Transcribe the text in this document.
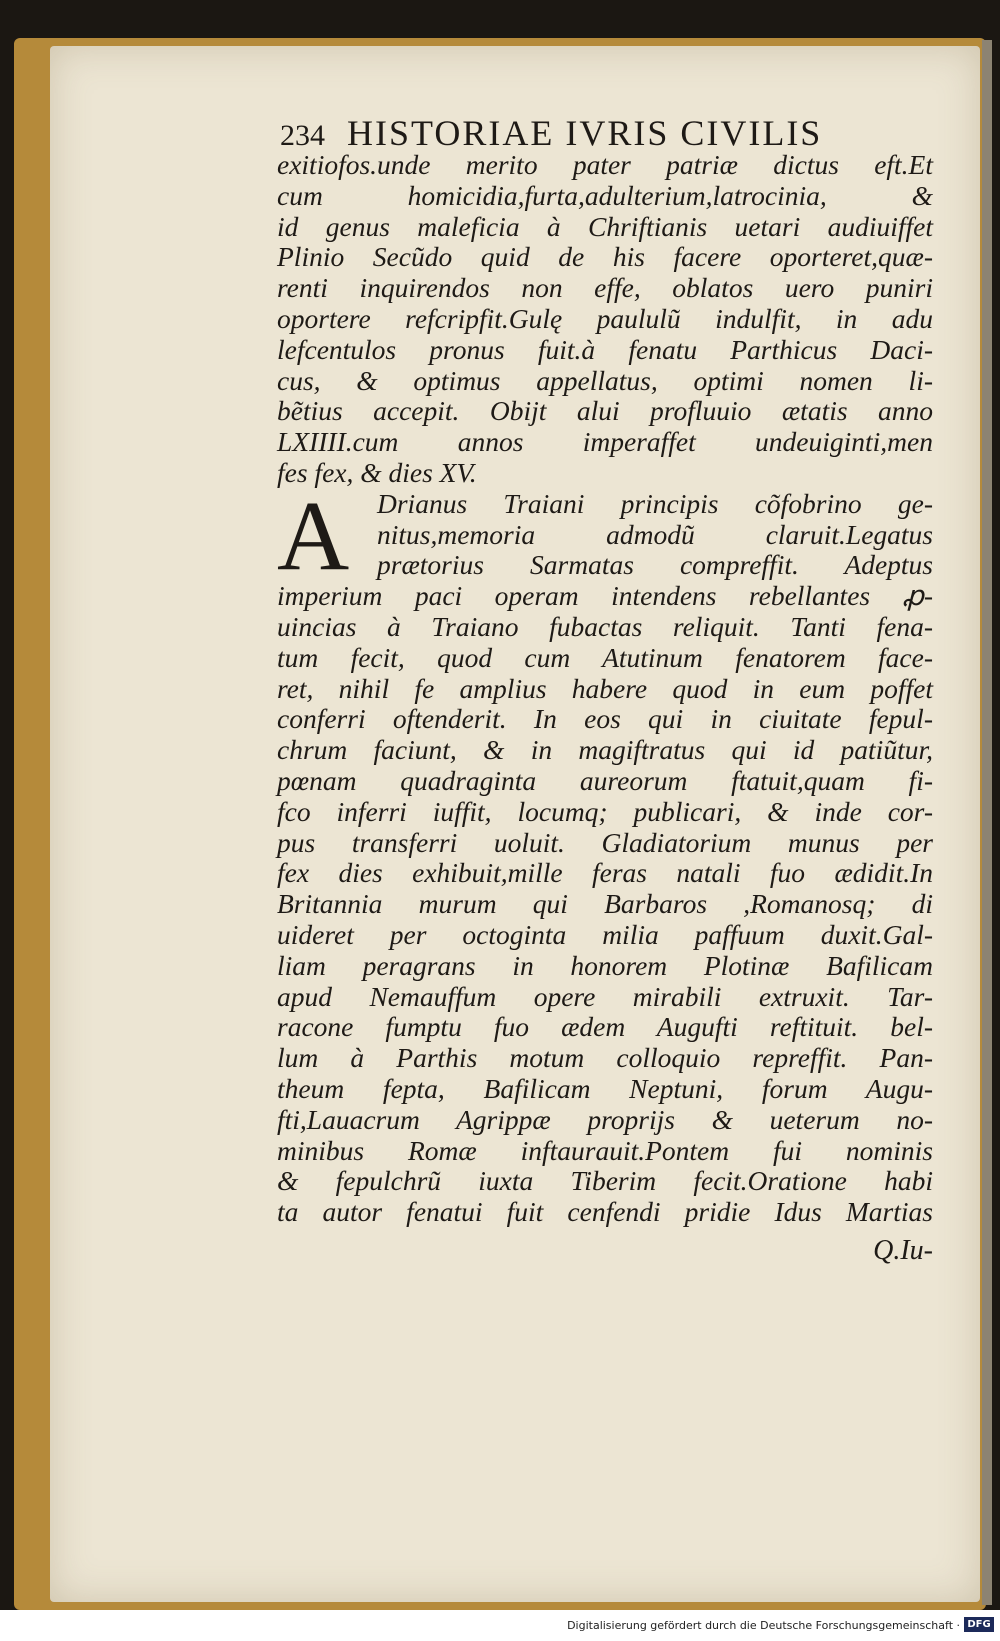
234 HISTORIAE IVRIS CIVILIS
exitiofos.unde merito pater patriæ dictus eft.Et
cum homicidia,furta,adulterium,latrocinia, &
id genus maleficia à Chriftianis uetari audiuiffet
Plinio Secũdo quid de his facere oporteret,quæ-
renti inquirendos non effe, oblatos uero puniri
oportere refcripfit.Gulę paululũ indulfit, in adu
lefcentulos pronus fuit.à fenatu Parthicus Daci-
cus, & optimus appellatus, optimi nomen li-
bẽtius accepit. Obijt alui profluuio ætatis anno
LXIIII.cum annos imperaffet undeuiginti,men
fes fex, & dies XV.
A	Drianus Traiani principis cõfobrino ge-
nitus,memoria admodũ claruit.Legatus
prætorius Sarmatas compreffit. Adeptus
imperium paci operam intendens rebellantes ꝓ-
uincias à Traiano fubactas reliquit. Tanti fena-
tum fecit, quod cum Atutinum fenatorem face-
ret, nihil fe amplius habere quod in eum poffet
conferri oftenderit. In eos qui in ciuitate fepul-
chrum faciunt, & in magiftratus qui id patiũtur,
pœnam quadraginta aureorum ftatuit,quam fi-
fco inferri iuffit, locumq; publicari, & inde cor-
pus transferri uoluit. Gladiatorium munus per
fex dies exhibuit,mille feras natali fuo ædidit.In
Britannia murum qui Barbaros ,Romanosq; di
uideret per octoginta milia paffuum duxit.Gal-
liam peragrans in honorem Plotinæ Bafilicam
apud Nemauffum opere mirabili extruxit. Tar-
racone fumptu fuo ædem Augufti reftituit. bel-
lum à Parthis motum colloquio repreffit. Pan-
theum fepta, Bafilicam Neptuni, forum Augu-
fti,Lauacrum Agrippæ proprijs & ueterum no-
minibus Romæ inftaurauit.Pontem fui nominis
& fepulchrũ iuxta Tiberim fecit.Oratione habi
ta autor fenatui fuit cenfendi pridie Idus Martias
Q.Iu-
Digitalisierung gefördert durch die Deutsche Forschungsgemeinschaft · DFG
